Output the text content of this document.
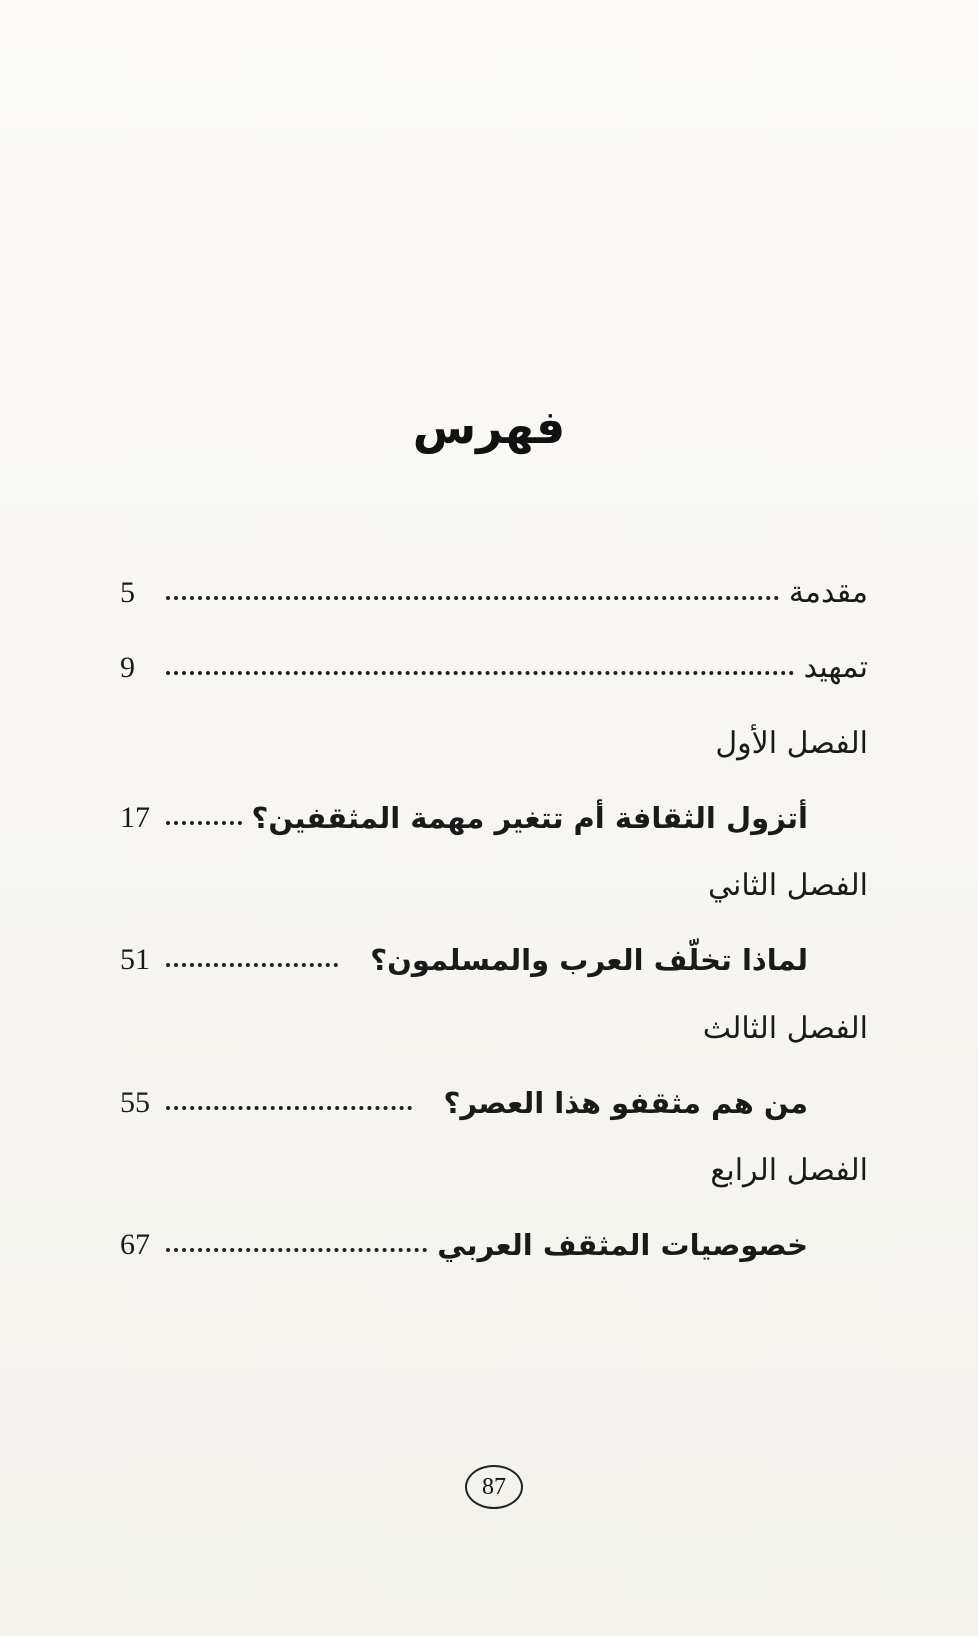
فهرس
مقدمة
5
تمهيد
9
الفصل الأول
أتزول الثقافة أم تتغير مهمة المثقفين؟
17
الفصل الثاني
لماذا تخلّف العرب والمسلمون؟
51
الفصل الثالث
من هم مثقفو هذا العصر؟
55
الفصل الرابع
خصوصيات المثقف العربي
67
87
